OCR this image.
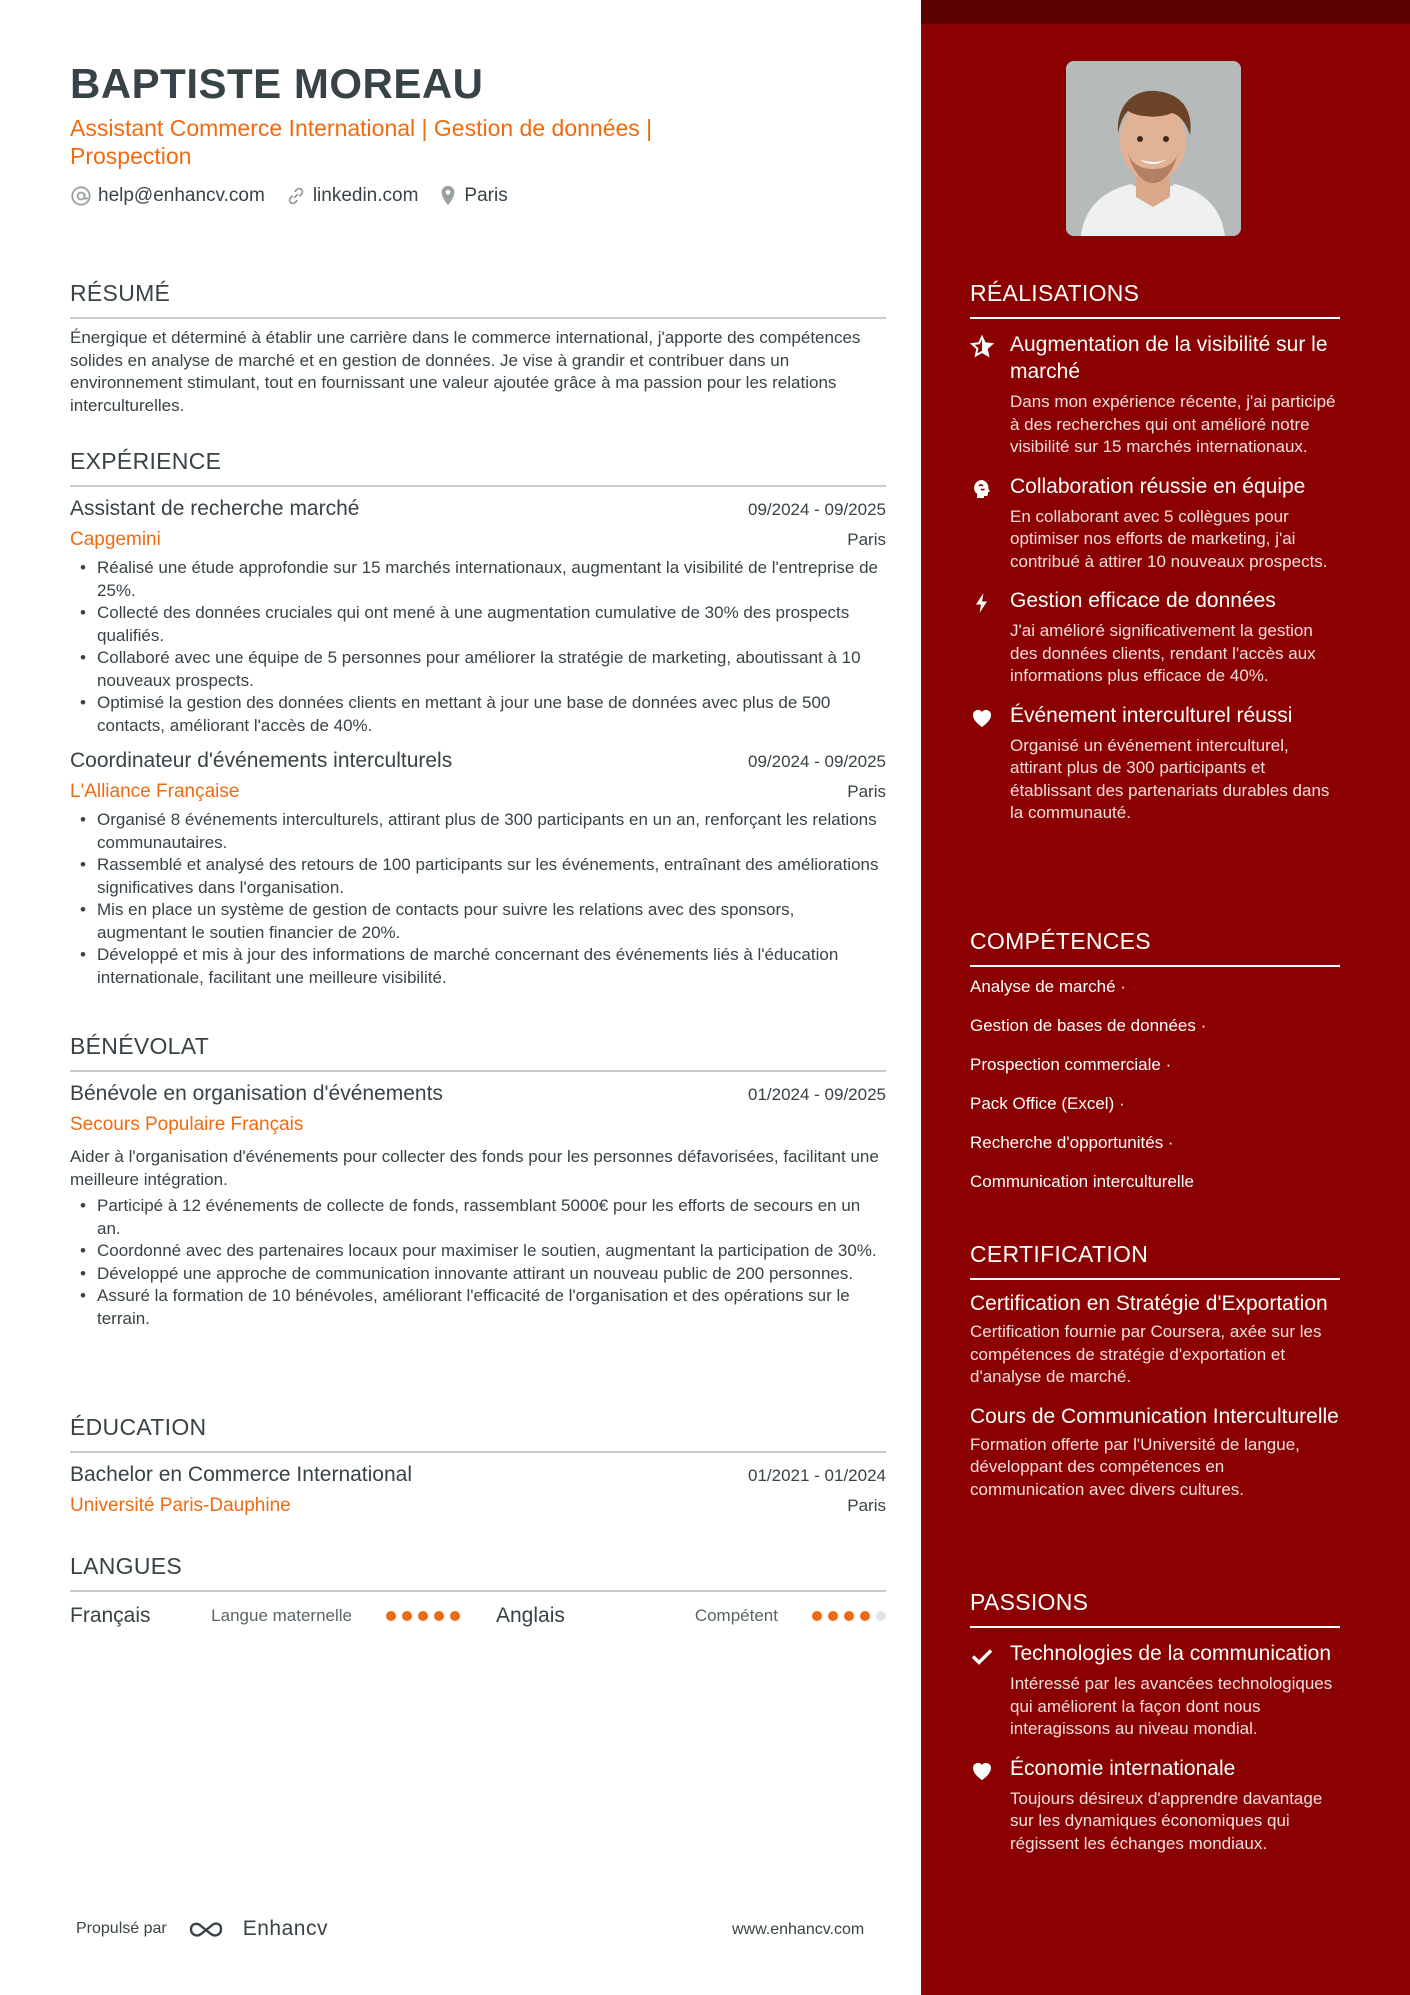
BAPTISTE MOREAU
Assistant Commerce International | Gestion de données | Prospection
help@enhancv.com	linkedin.com Paris
RÉSUMÉ
Énergique et déterminé à établir une carrière dans le commerce international, j'apporte des compétences solides en analyse de marché et en gestion de données. Je vise à grandir et contribuer dans un environnement stimulant, tout en fournissant une valeur ajoutée grâce à ma passion pour les relations interculturelles.
EXPÉRIENCE
Assistant de recherche marché	09/2024 - 09/2025
Capgemini	Paris
• Réalisé une étude approfondie sur 15 marchés internationaux, augmentant la visibilité de l'entreprise de 25%.
• Collecté des données cruciales qui ont mené à une augmentation cumulative de 30% des prospects qualifiés.
• Collaboré avec une équipe de 5 personnes pour améliorer la stratégie de marketing, aboutissant à 10 nouveaux prospects.
• Optimisé la gestion des données clients en mettant à jour une base de données avec plus de 500 contacts, améliorant l'accès de 40%.
Coordinateur d'événements interculturels	09/2024 - 09/2025
L'Alliance Française	Paris
• Organisé 8 événements interculturels, attirant plus de 300 participants en un an, renforçant les relations communautaires.
• Rassemblé et analysé des retours de 100 participants sur les événements, entraînant des améliorations significatives dans l'organisation.
• Mis en place un système de gestion de contacts pour suivre les relations avec des sponsors, augmentant le soutien financier de 20%.
• Développé et mis à jour des informations de marché concernant des événements liés à l'éducation internationale, facilitant une meilleure visibilité.
BÉNÉVOLAT
Bénévole en organisation d'événements	01/2024 - 09/2025
Secours Populaire Français
Aider à l'organisation d'événements pour collecter des fonds pour les personnes défavorisées, facilitant une meilleure intégration.
• Participé à 12 événements de collecte de fonds, rassemblant 5000€ pour les efforts de secours en un an.
• Coordonné avec des partenaires locaux pour maximiser le soutien, augmentant la participation de 30%.
• Développé une approche de communication innovante attirant un nouveau public de 200 personnes.
• Assuré la formation de 10 bénévoles, améliorant l'efficacité de l'organisation et des opérations sur le terrain.
ÉDUCATION
Bachelor en Commerce International	01/2021 - 01/2024
Université Paris-Dauphine	Paris
LANGUES
Français	Langue maternelle	Anglais	Compétent
Propulsé par	Enhancv	www.enhancv.com
RÉALISATIONS
Augmentation de la visibilité sur le marché
Dans mon expérience récente, j'ai participé à des recherches qui ont amélioré notre visibilité sur 15 marchés internationaux.
Collaboration réussie en équipe
En collaborant avec 5 collègues pour optimiser nos efforts de marketing, j'ai contribué à attirer 10 nouveaux prospects.
Gestion efficace de données
J'ai amélioré significativement la gestion des données clients, rendant l'accès aux informations plus efficace de 40%.
Événement interculturel réussi
Organisé un événement interculturel, attirant plus de 300 participants et établissant des partenariats durables dans la communauté.
COMPÉTENCES
Analyse de marché ·
Gestion de bases de données ·
Prospection commerciale ·
Pack Office (Excel) ·
Recherche d'opportunités ·
Communication interculturelle
CERTIFICATION
Certification en Stratégie d'Exportation
Certification fournie par Coursera, axée sur les compétences de stratégie d'exportation et d'analyse de marché.
Cours de Communication Interculturelle
Formation offerte par l'Université de langue, développant des compétences en communication avec divers cultures.
PASSIONS
Technologies de la communication
Intéressé par les avancées technologiques qui améliorent la façon dont nous interagissons au niveau mondial.
Économie internationale
Toujours désireux d'apprendre davantage sur les dynamiques économiques qui régissent les échanges mondiaux.
